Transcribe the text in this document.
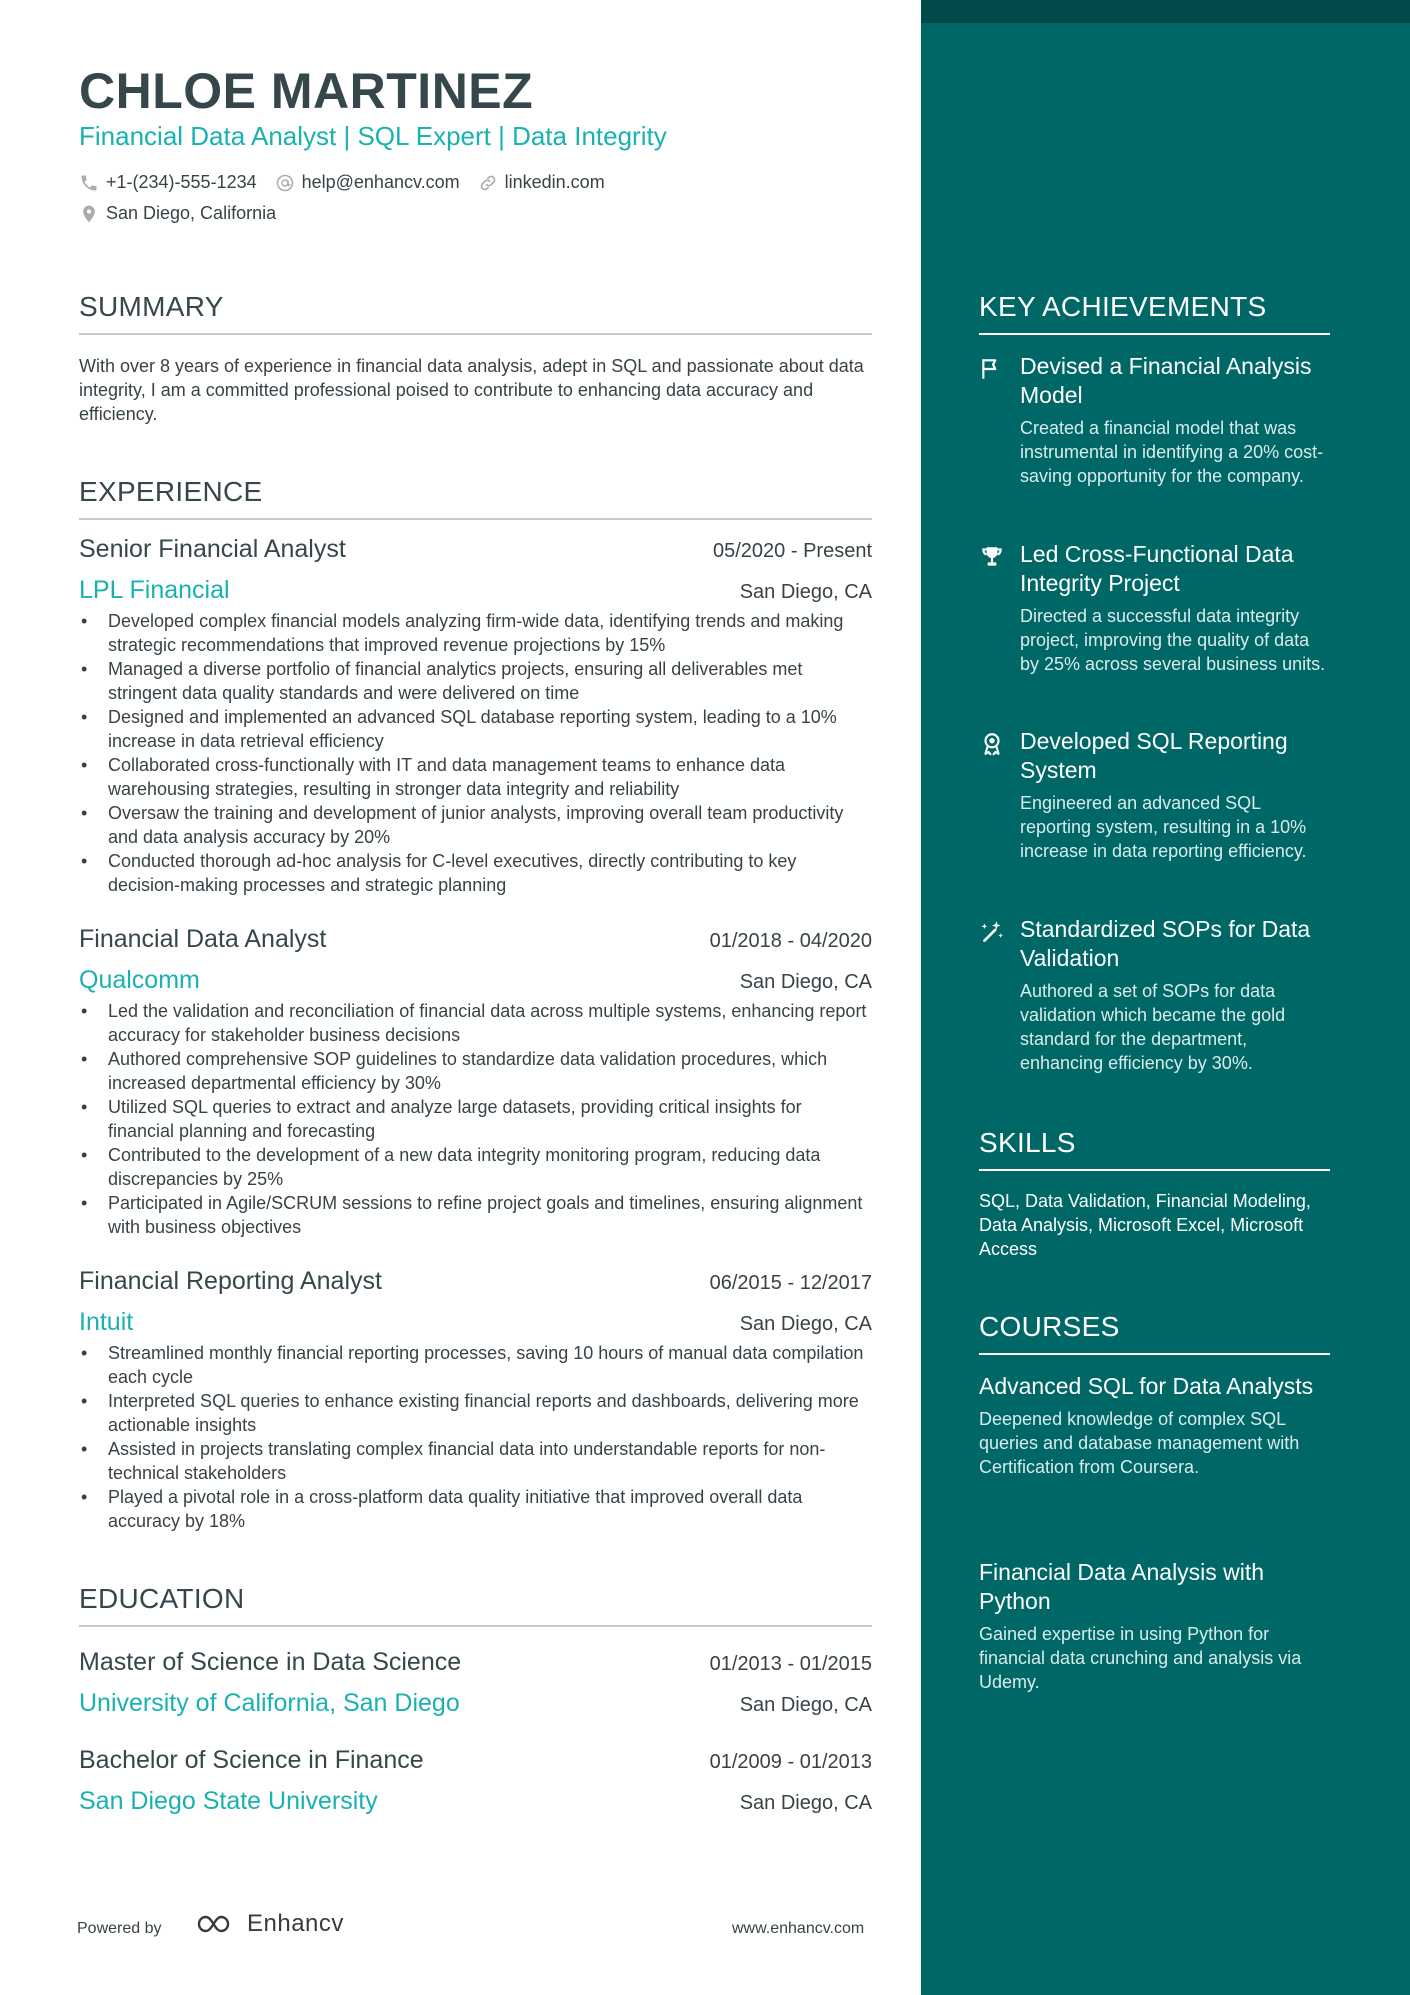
CHLOE MARTINEZ
Financial Data Analyst | SQL Expert | Data Integrity
+1-(234)-555-1234	help@enhancv.com	linkedin.com
San Diego, California
SUMMARY

With over 8 years of experience in financial data analysis, adept in SQL and passionate about data integrity, I am a committed professional poised to contribute to enhancing data accuracy and efficiency.

EXPERIENCE
Senior Financial Analyst	05/2020 - Present
LPL Financial	San Diego, CA
• Developed complex financial models analyzing firm-wide data, identifying trends and making strategic recommendations that improved revenue projections by 15%
• Managed a diverse portfolio of financial analytics projects, ensuring all deliverables met stringent data quality standards and were delivered on time
• Designed and implemented an advanced SQL database reporting system, leading to a 10% increase in data retrieval efficiency
• Collaborated cross-functionally with IT and data management teams to enhance data warehousing strategies, resulting in stronger data integrity and reliability
• Oversaw the training and development of junior analysts, improving overall team productivity and data analysis accuracy by 20%
• Conducted thorough ad-hoc analysis for C-level executives, directly contributing to key decision-making processes and strategic planning
Financial Data Analyst	01/2018 - 04/2020
Qualcomm	San Diego, CA
• Led the validation and reconciliation of financial data across multiple systems, enhancing report accuracy for stakeholder business decisions
• Authored comprehensive SOP guidelines to standardize data validation procedures, which increased departmental efficiency by 30%
• Utilized SQL queries to extract and analyze large datasets, providing critical insights for financial planning and forecasting
• Contributed to the development of a new data integrity monitoring program, reducing data discrepancies by 25%
• Participated in Agile/SCRUM sessions to refine project goals and timelines, ensuring alignment with business objectives
Financial Reporting Analyst	06/2015 - 12/2017
Intuit	San Diego, CA
• Streamlined monthly financial reporting processes, saving 10 hours of manual data compilation each cycle
• Interpreted SQL queries to enhance existing financial reports and dashboards, delivering more actionable insights
• Assisted in projects translating complex financial data into understandable reports for non-technical stakeholders
• Played a pivotal role in a cross-platform data quality initiative that improved overall data accuracy by 18%
EDUCATION
Master of Science in Data Science	01/2013 - 01/2015
University of California, San Diego	San Diego, CA
Bachelor of Science in Finance	01/2009 - 01/2013
San Diego State University	San Diego, CA
Powered by	Enhancv	www.enhancv.com
KEY ACHIEVEMENTS
Devised a Financial Analysis Model
Created a financial model that was instrumental in identifying a 20% cost-saving opportunity for the company.
Led Cross-Functional Data Integrity Project
Directed a successful data integrity project, improving the quality of data by 25% across several business units.
Developed SQL Reporting System
Engineered an advanced SQL reporting system, resulting in a 10% increase in data reporting efficiency.
Standardized SOPs for Data Validation
Authored a set of SOPs for data validation which became the gold standard for the department, enhancing efficiency by 30%.
SKILLS
SQL, Data Validation, Financial Modeling, Data Analysis, Microsoft Excel, Microsoft Access
COURSES
Advanced SQL for Data Analysts
Deepened knowledge of complex SQL queries and database management with Certification from Coursera.
Financial Data Analysis with Python
Gained expertise in using Python for financial data crunching and analysis via Udemy.
